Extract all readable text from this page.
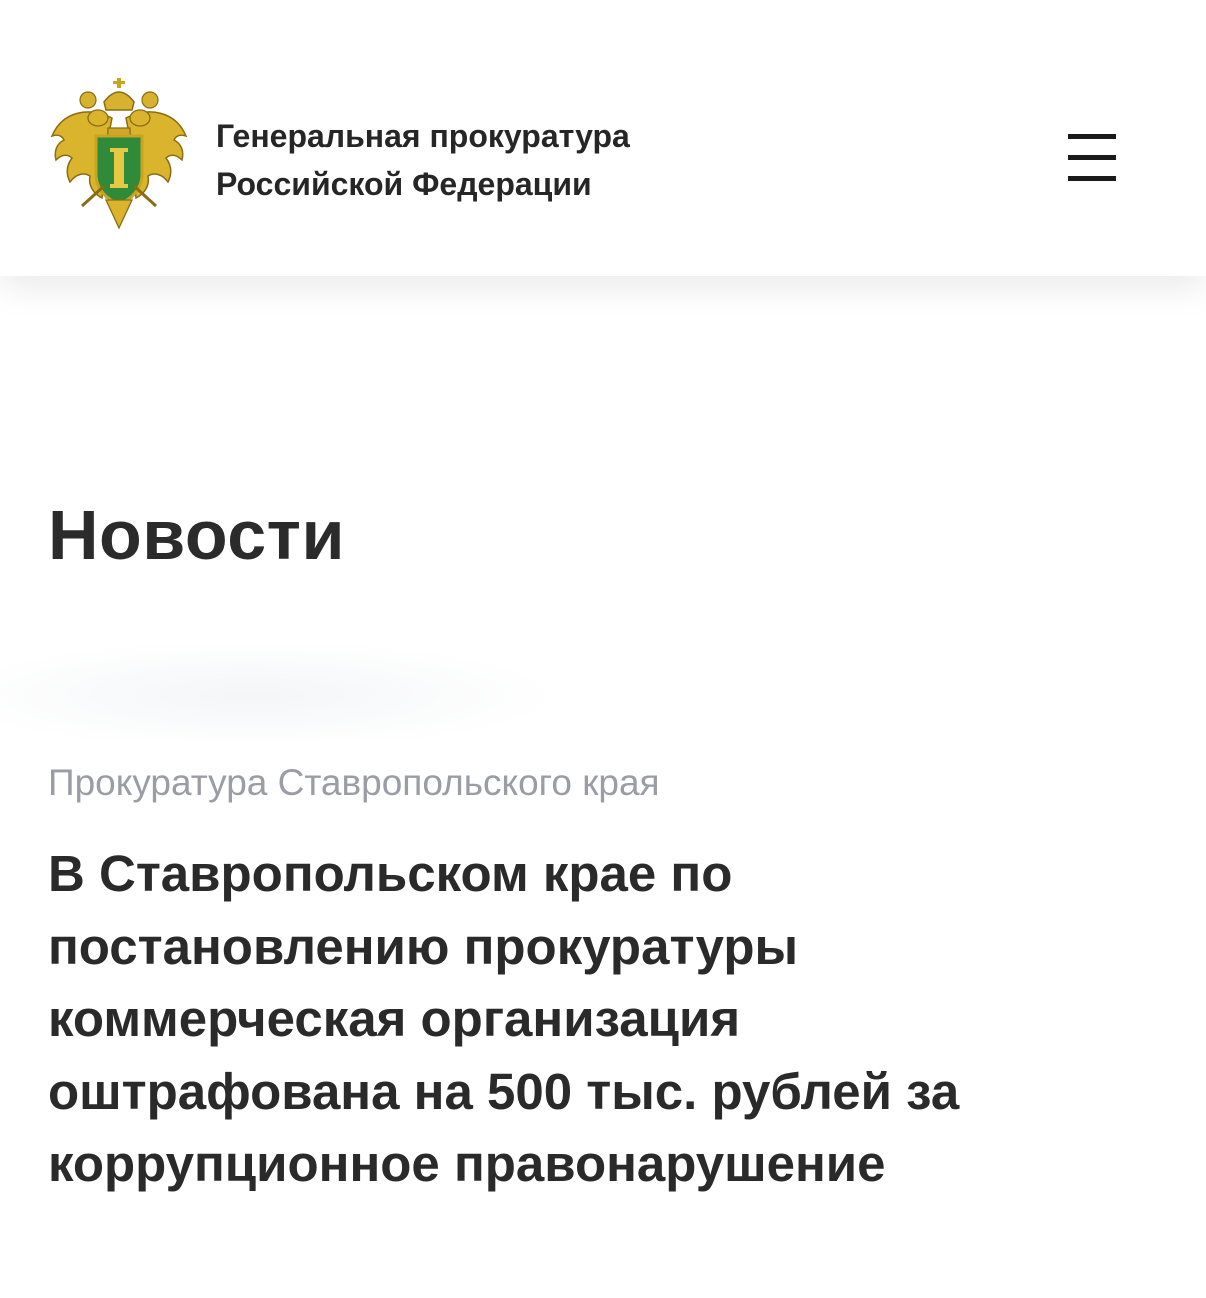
Генеральная прокуратура
Российской Федерации
Новости
Прокуратура Ставропольского края
В Ставропольском крае по
постановлению прокуратуры
коммерческая организация
оштрафована на 500 тыс. рублей за
коррупционное правонарушение
